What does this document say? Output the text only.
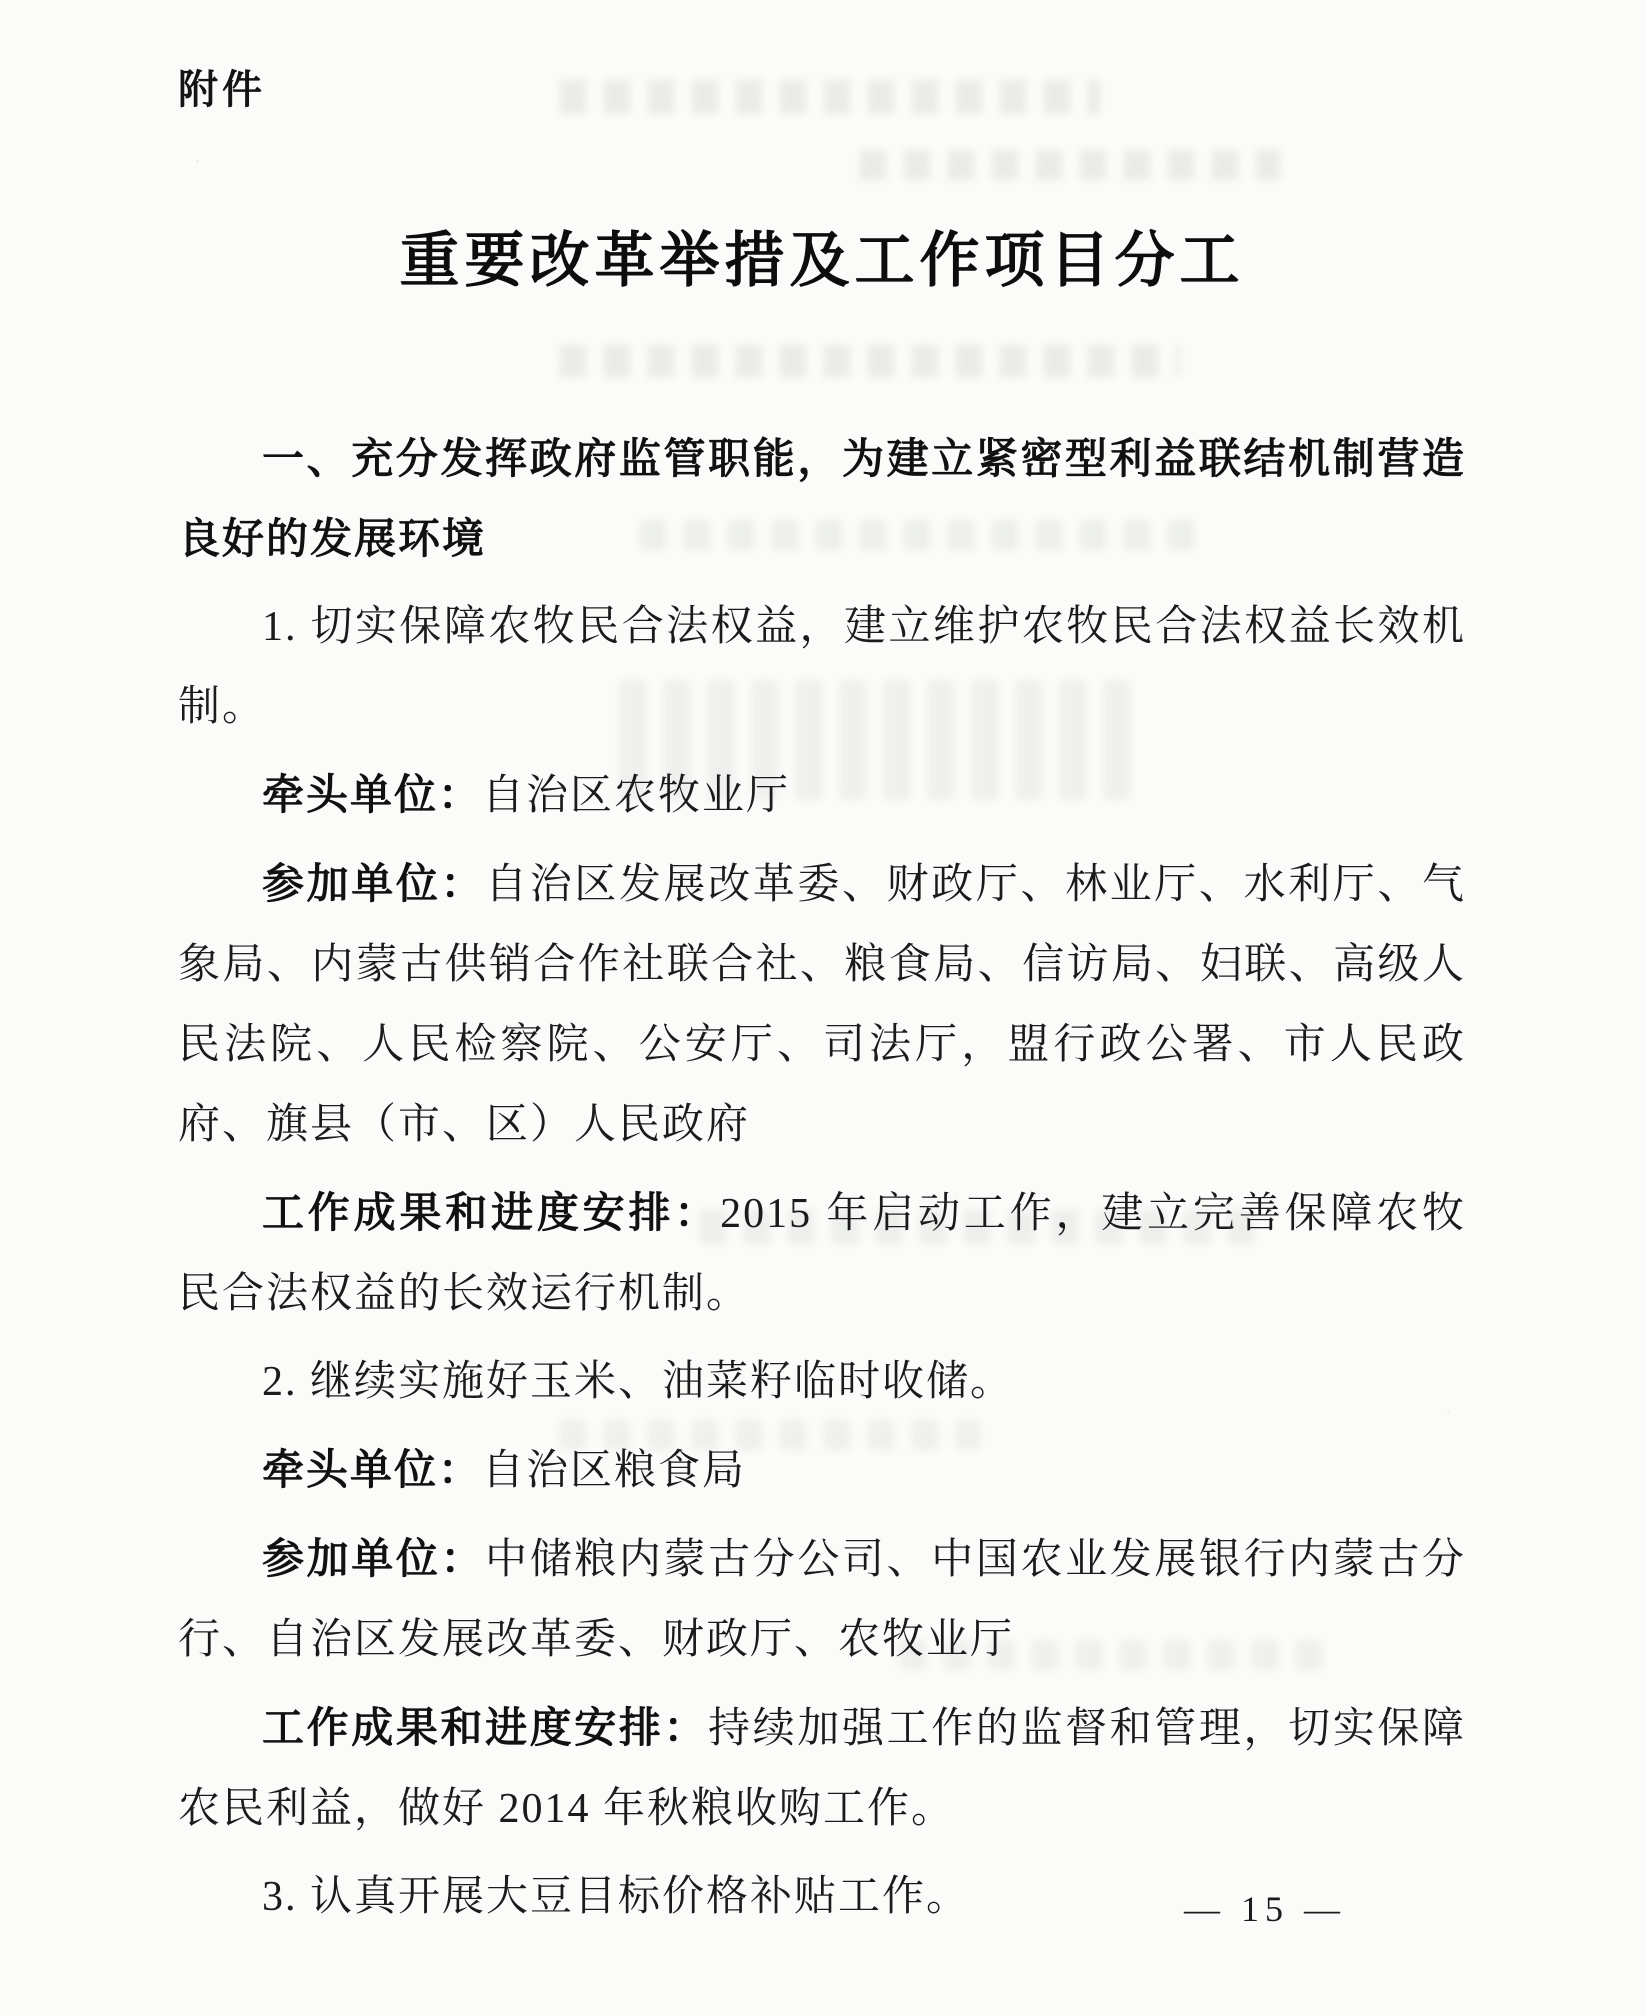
附件
重要改革举措及工作项目分工

一、充分发挥政府监管职能，为建立紧密型利益联结机制营造良好的发展环境

1. 切实保障农牧民合法权益，建立维护农牧民合法权益长效机制。

牵头单位：自治区农牧业厅

参加单位：自治区发展改革委、财政厅、林业厅、水利厅、气象局、内蒙古供销合作社联合社、粮食局、信访局、妇联、高级人民法院、人民检察院、公安厅、司法厅，盟行政公署、市人民政府、旗县（市、区）人民政府

工作成果和进度安排：2015 年启动工作，建立完善保障农牧民合法权益的长效运行机制。

2. 继续实施好玉米、油菜籽临时收储。

牵头单位：自治区粮食局

参加单位：中储粮内蒙古分公司、中国农业发展银行内蒙古分行、自治区发展改革委、财政厅、农牧业厅

工作成果和进度安排：持续加强工作的监督和管理，切实保障农民利益，做好 2014 年秋粮收购工作。

3. 认真开展大豆目标价格补贴工作。	— 15 —
